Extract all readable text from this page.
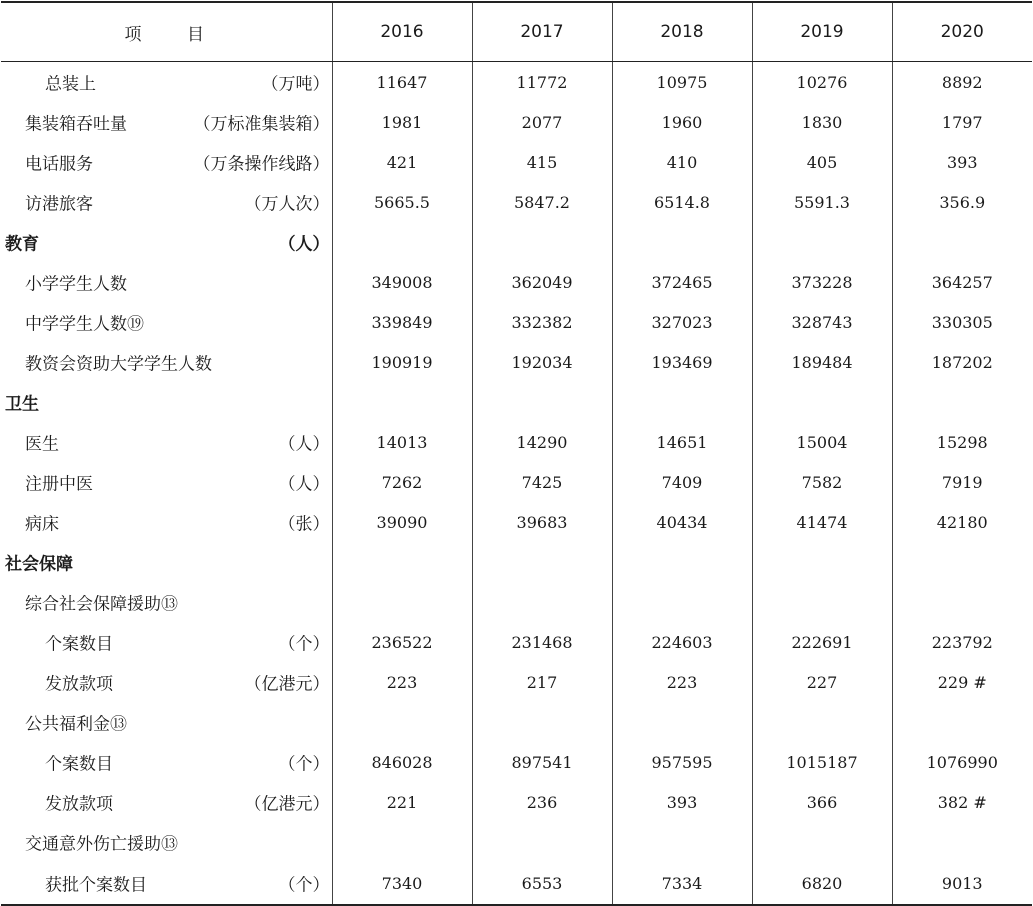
项 目	2016	2017	2018	2019	2020

总装上 （万吨）	11647	11772	10975	10276	8892

集装箱吞吐量 （万标准集装箱）	1981	2077	1960	1830	1797

电话服务 （万条操作线路）	421	415	410	405	393

访港旅客 （万人次）	5665.5	5847.2	6514.8	5591.3	356.9

教育 （人）					

小学学生人数	349008	362049	372465	373228	364257

中学学生人数⑲	339849	332382	327023	328743	330305

教资会资助大学学生人数	190919	192034	193469	189484	187202

卫生					

医生 （人）	14013	14290	14651	15004	15298

注册中医 （人）	7262	7425	7409	7582	7919

病床 （张）	39090	39683	40434	41474	42180

社会保障					

综合社会保障援助⑬					

个案数目 （个）	236522	231468	224603	222691	223792

发放款项 （亿港元）	223	217	223	227	229 #

公共福利金⑬					

个案数目 （个）	846028	897541	957595	1015187	1076990

发放款项 （亿港元）	221	236	393	366	382 #

交通意外伤亡援助⑬					

获批个案数目 （个）	7340	6553	7334	6820	9013
